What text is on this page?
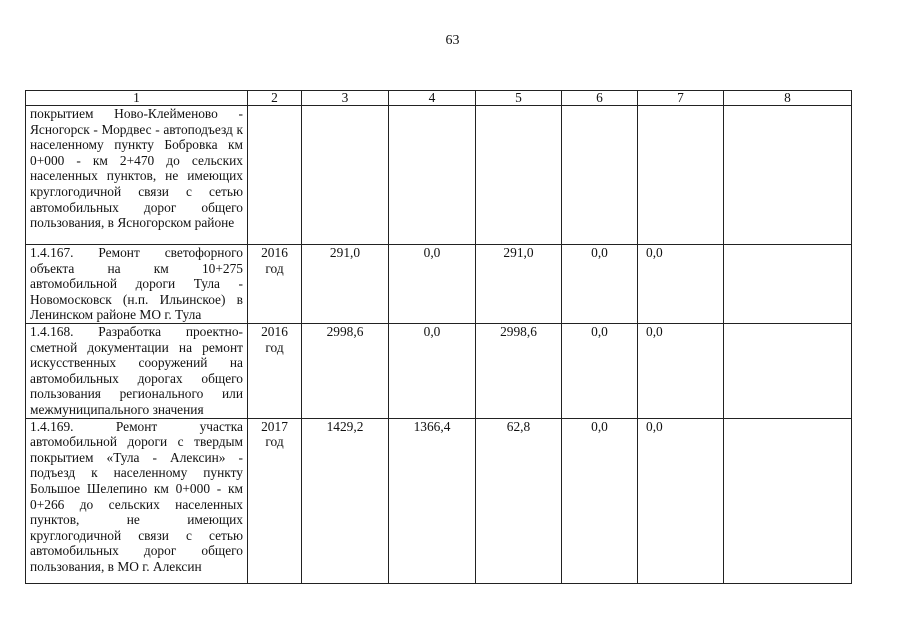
63
1	2	3	4	5	6	7	8
покрытием Ново-Клейменово - Ясногорск - Мордвес - автоподъезд к населенному пункту Бобровка км 0+000 - км 2+470 до сельских населенных пунктов, не имеющих круглогодичной связи с сетью автомобильных дорог общего пользования, в Ясногорском районе							
1.4.167. Ремонт светофорного объекта на км 10+275 автомобильной дороги Тула - Новомосковск (н.п. Ильинское) в Ленинском районе МО г. Тула	2016 год	291,0	0,0	291,0	0,0	0,0	
1.4.168. Разработка проектно-сметной документации на ремонт искусственных сооружений на автомобильных дорогах общего пользования регионального или межмуниципального значения	2016 год	2998,6	0,0	2998,6	0,0	0,0	
1.4.169. Ремонт участка автомобильной дороги с твердым покрытием «Тула - Алексин» - подъезд к населенному пункту Большое Шелепино км 0+000 - км 0+266 до сельских населенных пунктов, не имеющих круглогодичной связи с сетью автомобильных дорог общего пользования, в МО г. Алексин	2017 год	1429,2	1366,4	62,8	0,0	0,0	
